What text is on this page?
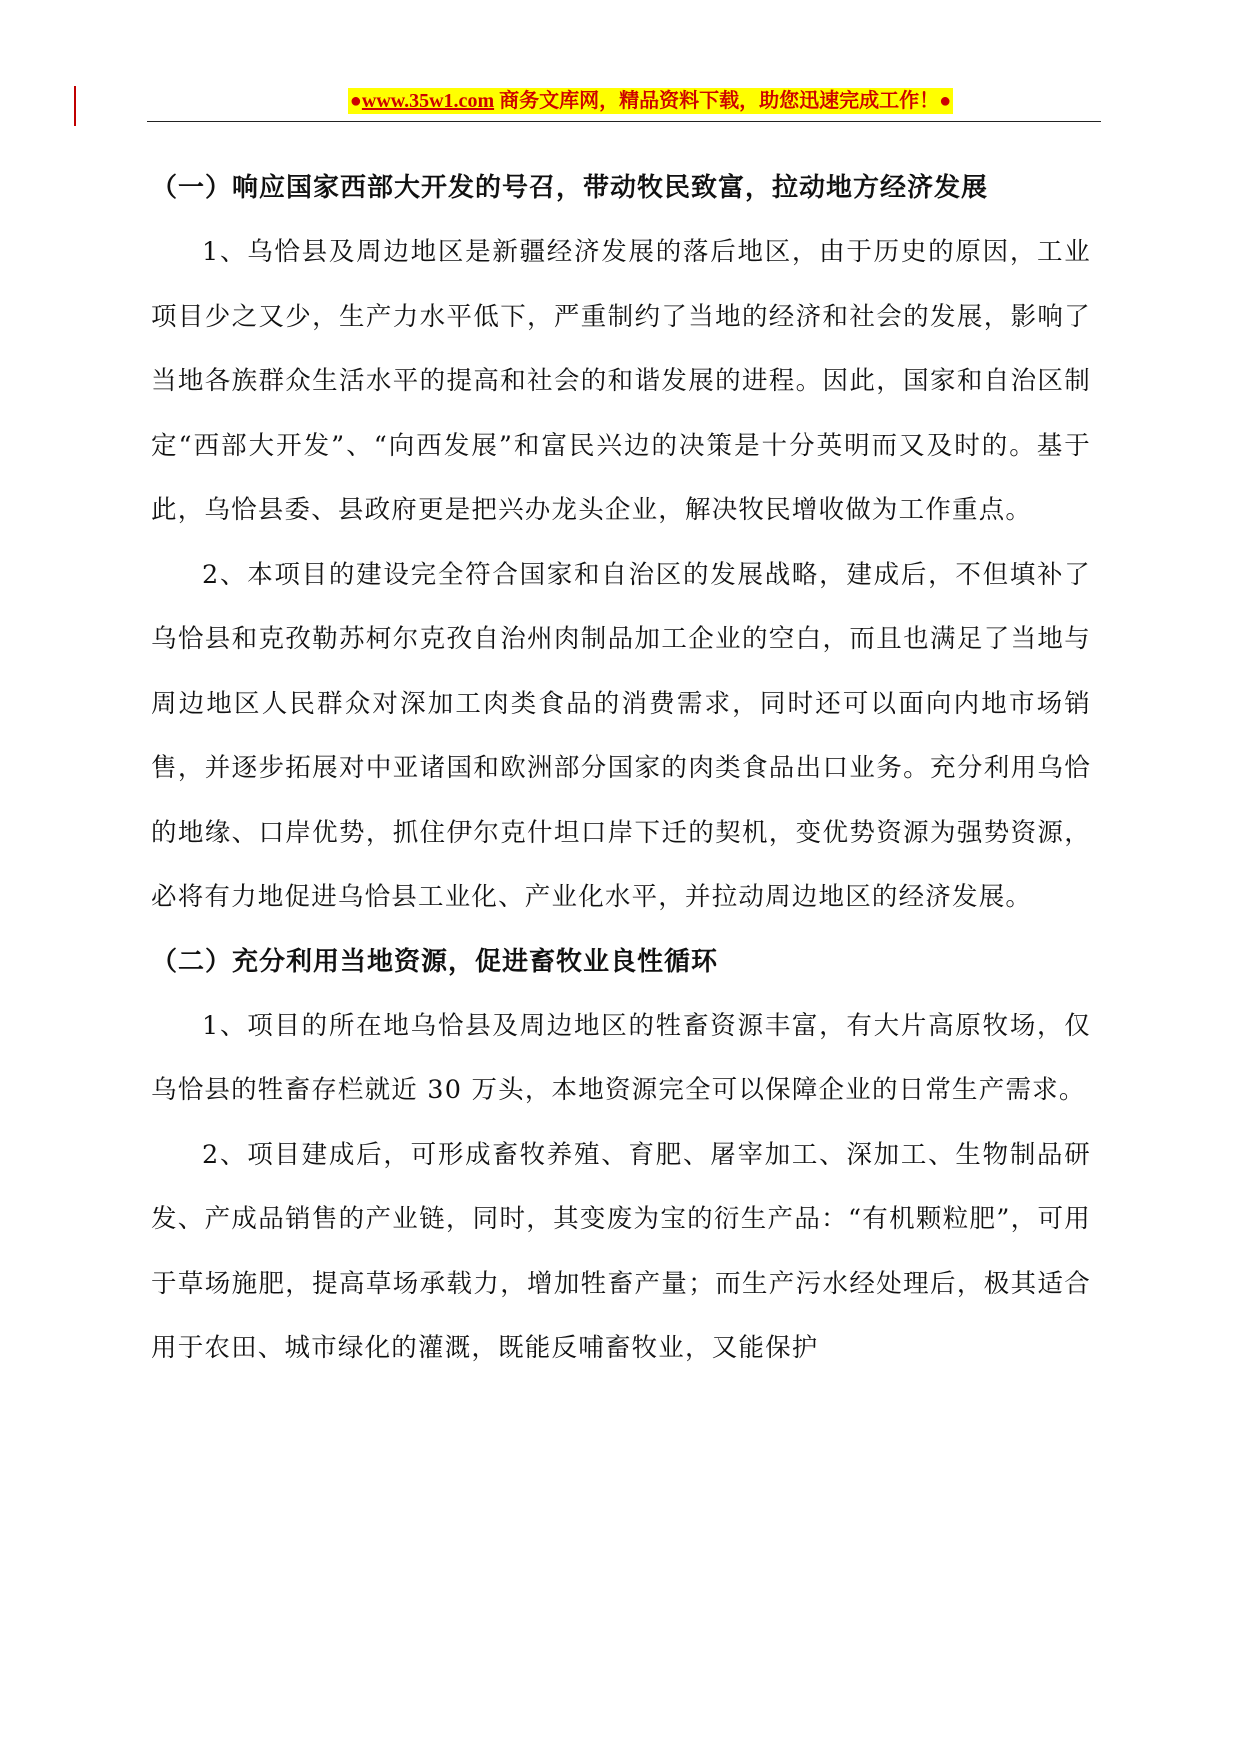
●www.35w1.com 商务文库网，精品资料下载，助您迅速完成工作！●
（一）响应国家西部大开发的号召，带动牧民致富，拉动地方经济发展

1、乌恰县及周边地区是新疆经济发展的落后地区，由于历史的原因，工业项目少之又少，生产力水平低下，严重制约了当地的经济和社会的发展，影响了当地各族群众生活水平的提高和社会的和谐发展的进程。因此，国家和自治区制定“西部大开发”、“向西发展”和富民兴边的决策是十分英明而又及时的。基于此，乌恰县委、县政府更是把兴办龙头企业，解决牧民增收做为工作重点。

2、本项目的建设完全符合国家和自治区的发展战略，建成后，不但填补了乌恰县和克孜勒苏柯尔克孜自治州肉制品加工企业的空白，而且也满足了当地与周边地区人民群众对深加工肉类食品的消费需求，同时还可以面向内地市场销售，并逐步拓展对中亚诸国和欧洲部分国家的肉类食品出口业务。充分利用乌恰的地缘、口岸优势，抓住伊尔克什坦口岸下迁的契机，变优势资源为强势资源，必将有力地促进乌恰县工业化、产业化水平，并拉动周边地区的经济发展。

（二）充分利用当地资源，促进畜牧业良性循环

1、项目的所在地乌恰县及周边地区的牲畜资源丰富，有大片高原牧场，仅乌恰县的牲畜存栏就近 30 万头，本地资源完全可以保障企业的日常生产需求。

2、项目建成后，可形成畜牧养殖、育肥、屠宰加工、深加工、生物制品研发、产成品销售的产业链，同时，其变废为宝的衍生产品：“有机颗粒肥”，可用于草场施肥，提高草场承载力，增加牲畜产量；而生产污水经处理后，极其适合用于农田、城市绿化的灌溉，既能反哺畜牧业，又能保护
